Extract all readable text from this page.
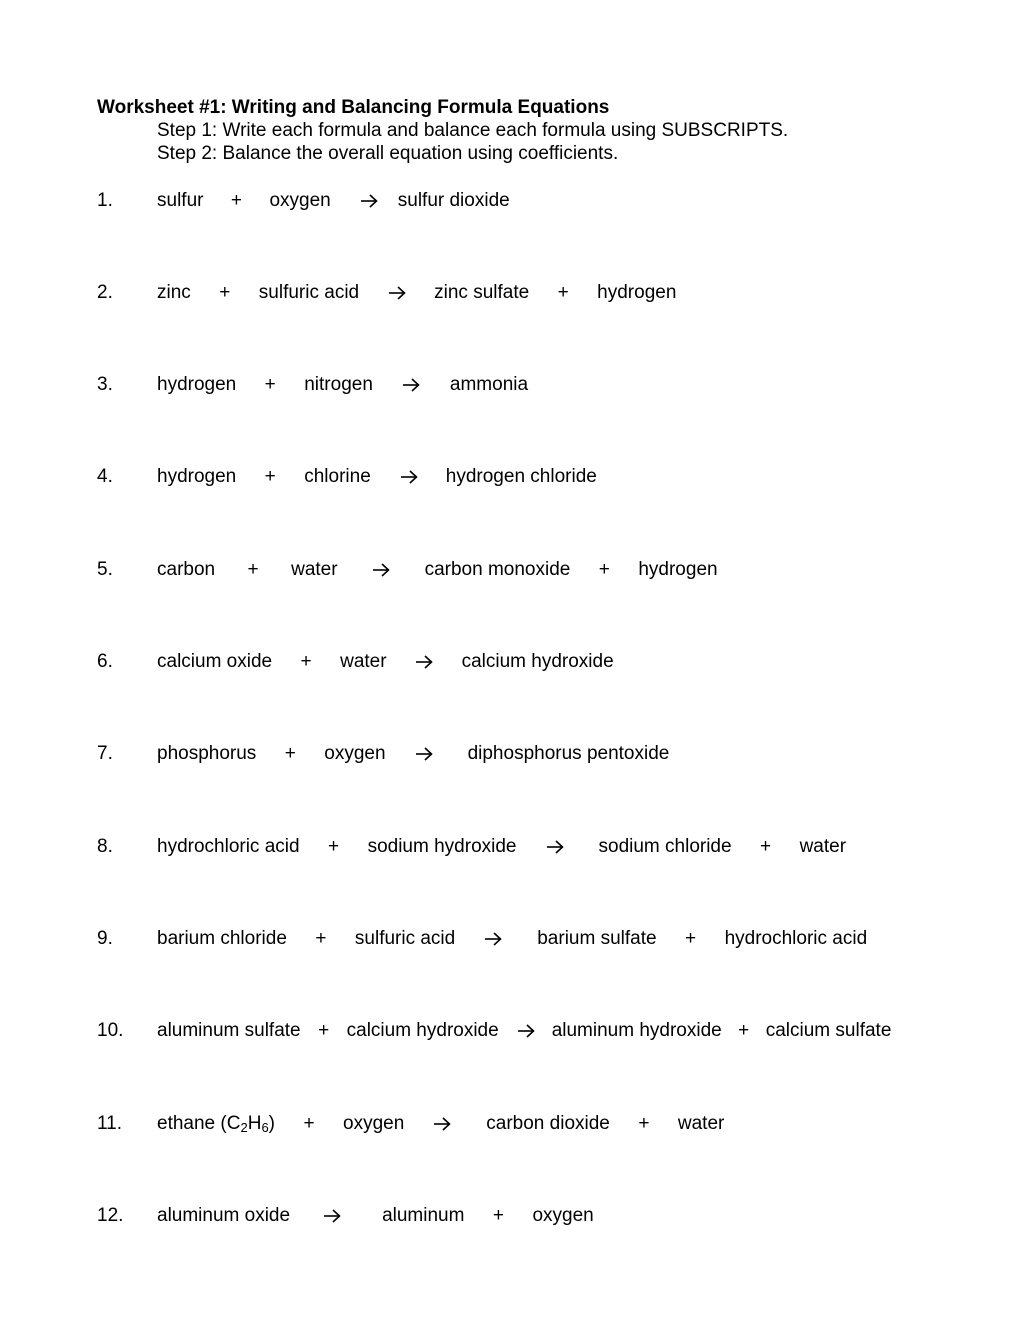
Worksheet #1: Writing and Balancing Formula Equations
Step 1: Write each formula and balance each formula using SUBSCRIPTS.
Step 2: Balance the overall equation using coefficients.
1. sulfur	+	oxygen → sulfur dioxide
2. zinc	+	sulfuric acid → zinc sulfate	+	hydrogen
3. hydrogen	+	nitrogen	ammonia
4. hydrogen	+	chlorine → hydrogen chloride
5. carbon	+	water	carbon monoxide	+	hydrogen
6. calcium oxide	+	water → calcium hydroxide
7. phosphorus	+	oxygen	diphosphorus pentoxide
8. hydrochloric acid	+	sodium hydroxide	sodium chloride	+	water
9. barium chloride	+	sulfuric acid	barium sulfate	+	hydrochloric acid
10. aluminum sulfate + calcium hydroxide → aluminum hydroxide + calcium sulfate
11. ethane $(C_2H_6)$	+	oxygen	carbon dioxide	+	water
12. aluminum oxide	aluminum	+	oxygen
